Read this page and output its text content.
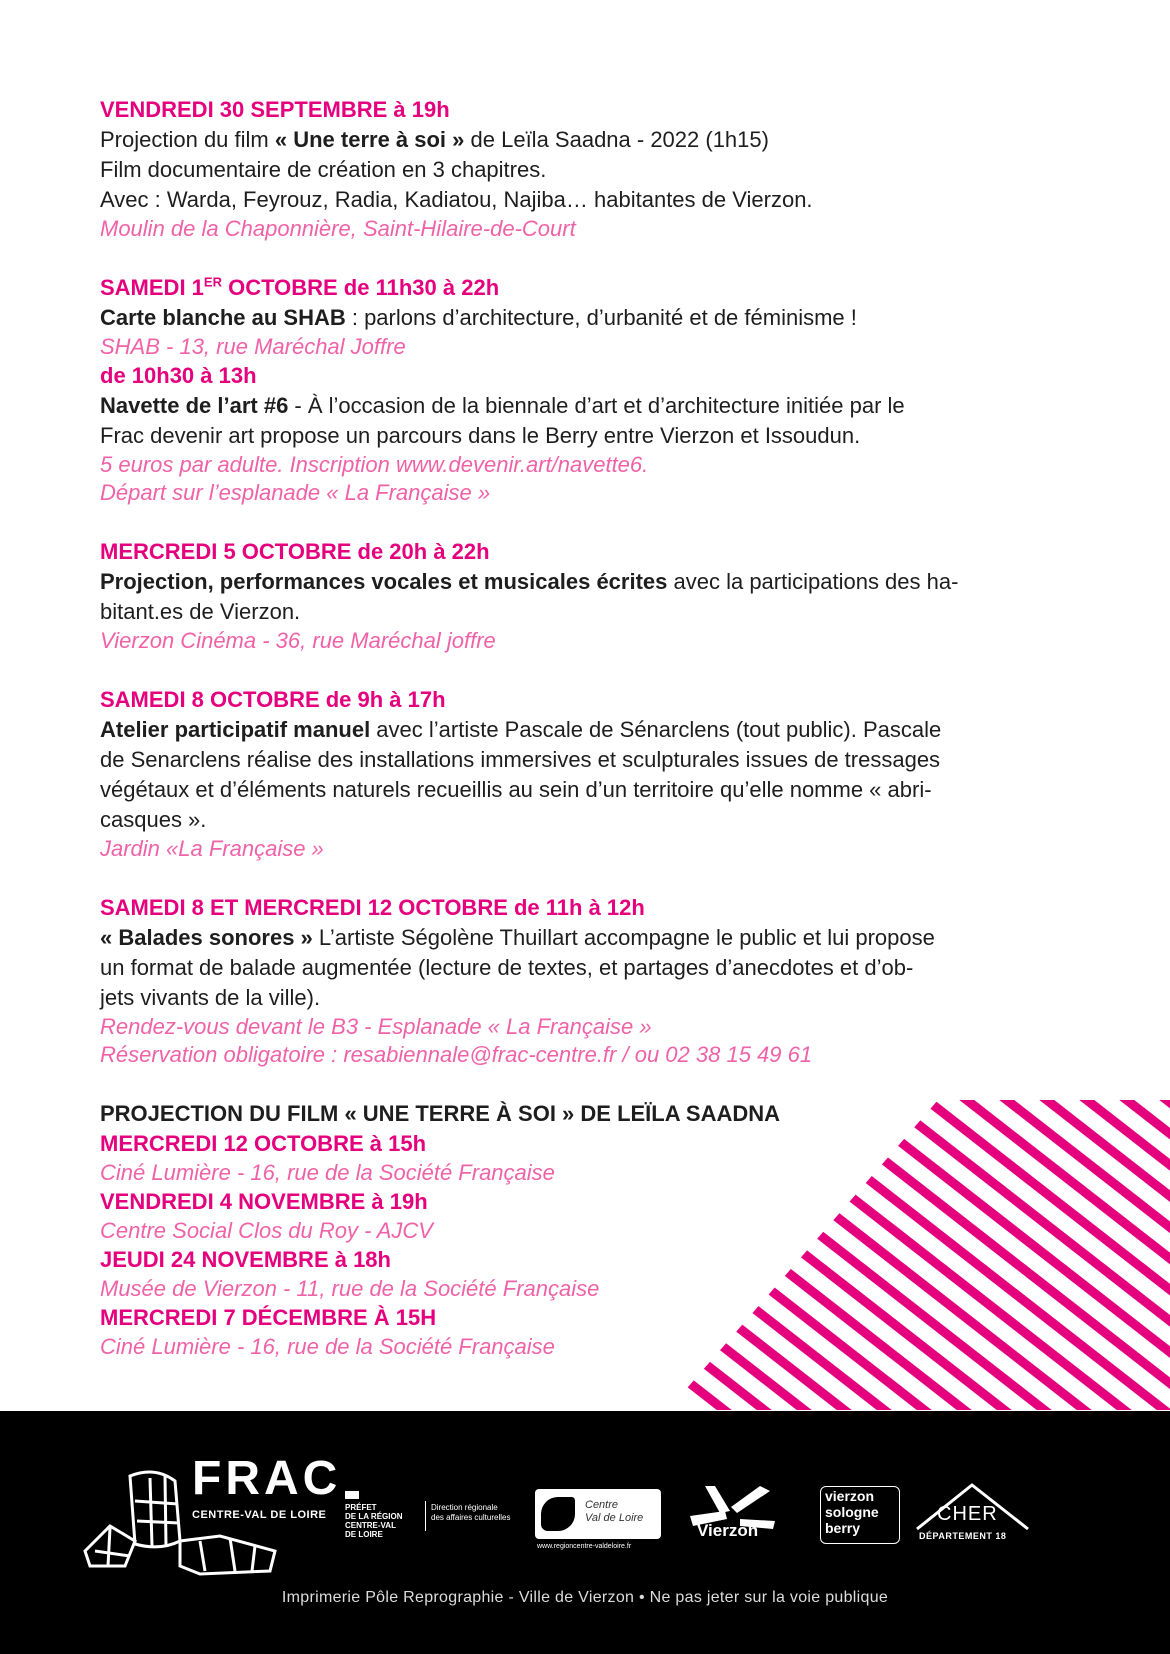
VENDREDI 30 SEPTEMBRE à 19h
Projection du film « Une terre à soi » de Leïla Saadna - 2022 (1h15)
Film documentaire de création en 3 chapitres.
Avec : Warda, Feyrouz, Radia, Kadiatou, Najiba… habitantes de Vierzon.
Moulin de la Chaponnière, Saint-Hilaire-de-Court
SAMEDI 1ER OCTOBRE de 11h30 à 22h
Carte blanche au SHAB : parlons d’architecture, d’urbanité et de féminisme !
SHAB - 13, rue Maréchal Joffre
de 10h30 à 13h
Navette de l’art #6 - À l’occasion de la biennale d’art et d’architecture initiée par le
Frac devenir art propose un parcours dans le Berry entre Vierzon et Issoudun.
5 euros par adulte. Inscription www.devenir.art/navette6.
Départ sur l’esplanade « La Française »
MERCREDI 5 OCTOBRE de 20h à 22h
Projection, performances vocales et musicales écrites avec la participations des ha-
bitant.es de Vierzon.
Vierzon Cinéma - 36, rue Maréchal joffre
SAMEDI 8 OCTOBRE de 9h à 17h
Atelier participatif manuel avec l’artiste Pascale de Sénarclens (tout public). Pascale
de Senarclens réalise des installations immersives et sculpturales issues de tressages
végétaux et d’éléments naturels recueillis au sein d’un territoire qu’elle nomme « abri-
casques ».
Jardin «La Française »
SAMEDI 8 ET MERCREDI 12 OCTOBRE de 11h à 12h
« Balades sonores » L’artiste Ségolène Thuillart accompagne le public et lui propose
un format de balade augmentée (lecture de textes, et partages d’anecdotes et d’ob-
jets vivants de la ville).
Rendez-vous devant le B3 - Esplanade « La Française »
Réservation obligatoire : resabiennale@frac-centre.fr / ou 02 38 15 49 61
PROJECTION DU FILM « UNE TERRE À SOI » DE LEÏLA SAADNA
MERCREDI 12 OCTOBRE à 15h
Ciné Lumière - 16, rue de la Société Française
VENDREDI 4 NOVEMBRE à 19h
Centre Social Clos du Roy - AJCV
JEUDI 24 NOVEMBRE à 18h
Musée de Vierzon - 11, rue de la Société Française
MERCREDI 7 DÉCEMBRE À 15H
Ciné Lumière - 16, rue de la Société Française
FRAC
CENTRE-VAL DE LOIRE
PRÉFET
DE LA RÉGION
CENTRE-VAL
DE LOIRE
Direction régionale
des affaires culturelles
Centre
Val de Loire
www.regioncentre-valdeloire.fr
Vierzon
vierzon
sologne
berry
CHER
DÉPARTEMENT 18
Imprimerie Pôle Reprographie - Ville de Vierzon • Ne pas jeter sur la voie publique
